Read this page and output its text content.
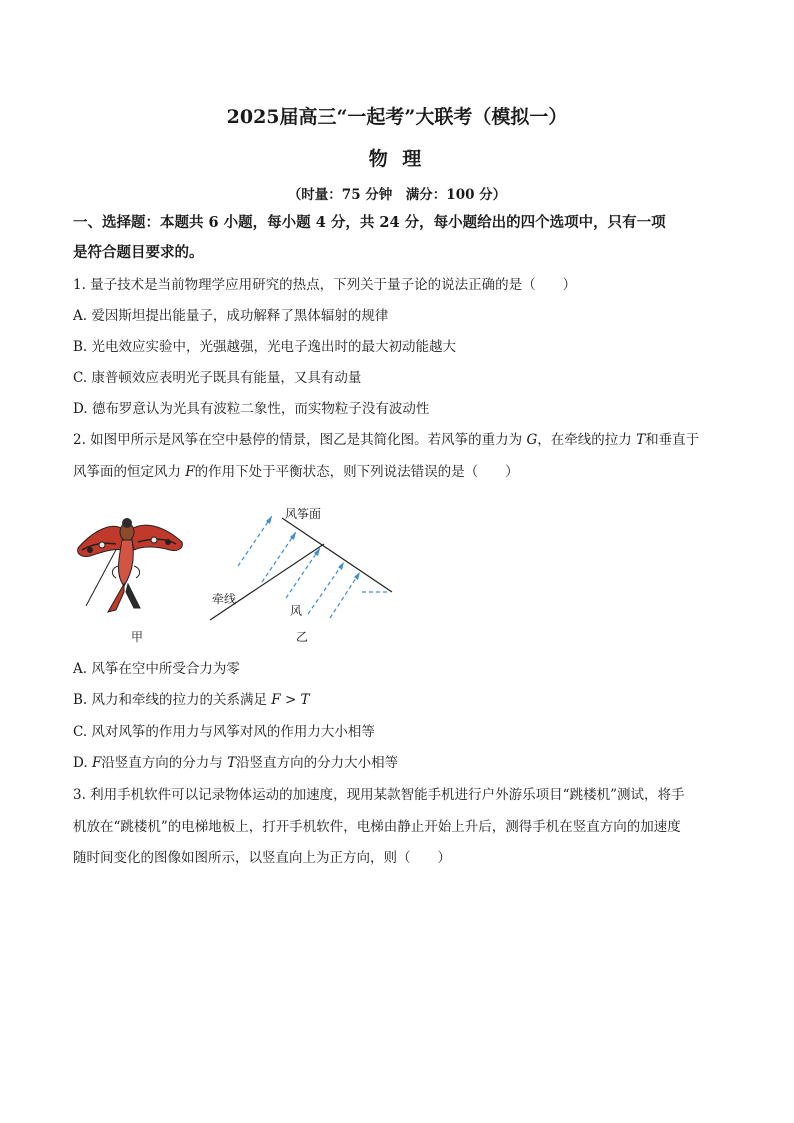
2025届高三“一起考”大联考（模拟一）
物 理
（时量：75 分钟　满分：100 分）
一、选择题：本题共 6 小题，每小题 4 分，共 24 分，每小题给出的四个选项中，只有一项
是符合题目要求的。
1. 量子技术是当前物理学应用研究的热点，下列关于量子论的说法正确的是（　　）
A. 爱因斯坦提出能量子，成功解释了黑体辐射的规律
B. 光电效应实验中，光强越强，光电子逸出时的最大初动能越大
C. 康普顿效应表明光子既具有能量，又具有动量
D. 德布罗意认为光具有波粒二象性，而实物粒子没有波动性
2. 如图甲所示是风筝在空中悬停的情景，图乙是其简化图。若风筝的重力为 G，在牵线的拉力 T和垂直于
风筝面的恒定风力 F的作用下处于平衡状态，则下列说法错误的是（　　）
甲
风筝面
牵线
风
乙
A. 风筝在空中所受合力为零
B. 风力和牵线的拉力的关系满足 F > T
C. 风对风筝的作用力与风筝对风的作用力大小相等
D. F沿竖直方向的分力与 T沿竖直方向的分力大小相等
3. 利用手机软件可以记录物体运动的加速度，现用某款智能手机进行户外游乐项目“跳楼机”测试，将手
机放在“跳楼机”的电梯地板上，打开手机软件，电梯由静止开始上升后，测得手机在竖直方向的加速度
随时间变化的图像如图所示，以竖直向上为正方向，则（　　）
